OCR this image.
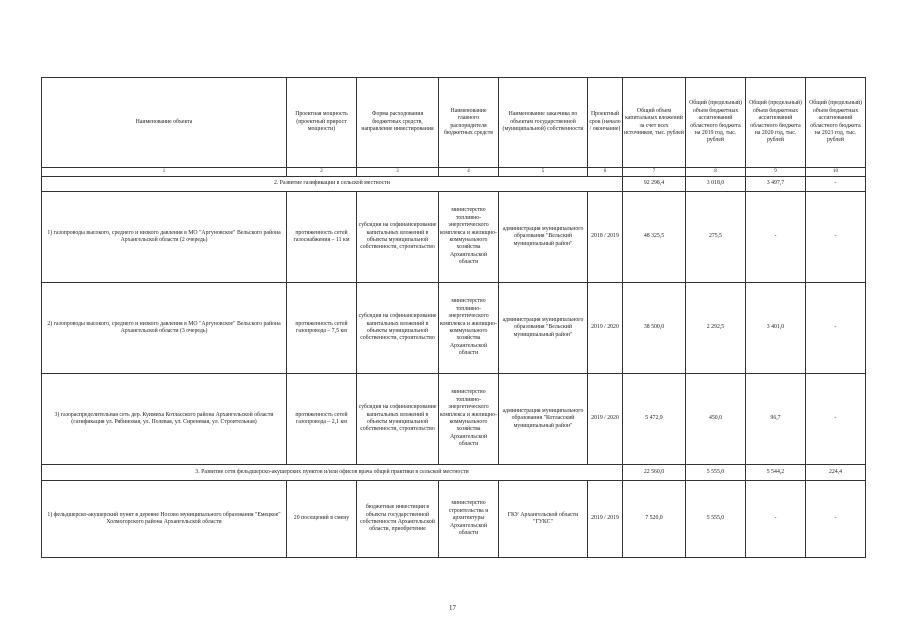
Наименование объекта	Проектная мощность (проектный прирост мощности)	Форма расходования бюджетных средств, направление инвестирования	Наименование главного распорядителя бюджетных средств	Наименование заказчика по объектам государственной (муниципальной) собственности	Проектный срок (начало / окончание)	Общий объем капитальных вложений за счет всех источников, тыс. рублей	Общий (предельный) объем бюджетных ассигнований областного бюджета на 2019 год, тыс. рублей	Общий (предельный) объем бюджетных ассигнований областного бюджета на 2020 год, тыс. рублей	Общий (предельный) объем бюджетных ассигнований областного бюджета на 2021 год, тыс. рублей
1	2	3	4	5	6	7	8	9	10
2. Развитие газификации в сельской местности						92 298,4	3 018,0	3 497,7	-
1) газопроводы высокого, среднего и низкого давления в МО "Аргуновское" Вельского района Архангельской области (2 очередь)	протяженность сетей газоснабжения – 11 км	субсидия на софинансирование капитальных вложений в объекты муниципальной собственности, строительство	министерство топливно-энергетического комплекса и жилищно-коммунального хозяйства Архангельской области	администрация муниципального образования "Вельский муниципальный район"	2018 / 2019	48 325,5	275,5	-	-
2) газопроводы высокого, среднего и низкого давления в МО "Аргуновское" Вельского района Архангельской области (3 очередь)	протяженность сетей газопровода – 7,5 км	субсидия на софинансирование капитальных вложений в объекты муниципальной собственности, строительство	министерство топливно-энергетического комплекса и жилищно-коммунального хозяйства Архангельской области	администрация муниципального образования "Вельский муниципальный район"	2019 / 2020	38 500,0	2 292,5	3 401,0	-
3) газораспределительная сеть дер. Куимиха Котласского района Архангельской области (газификация ул. Рябиновая, ул. Полевая, ул. Сиреневая, ул. Строительная)	протяженность сетей газопровода – 2,1 км	субсидия на софинансирование капитальных вложений в объекты муниципальной собственности, строительство	министерство топливно-энергетического комплекса и жилищно-коммунального хозяйства Архангельской области	администрация муниципального образования "Котласский муниципальный район"	2019 / 2020	5 472,9	450,0	96,7	-
3. Развитие сети фельдшерско-акушерских пунктов и/или офисов врача общей практики в сельской местности						22 560,0	5 555,0	5 544,2	224,4
1) фельдшерско-акушерский пункт в деревне Носово муниципального образования "Емецкое" Холмогорского района Архангельской области	20 посещений в смену	бюджетные инвестиции в объекты государственной собственности Архангельской области, приобретение	министерство строительства и архитектуры Архангельской области	ГКУ Архангельской области "ГУКС"	2019 / 2019	7 520,0	5 555,0	-	-
17
